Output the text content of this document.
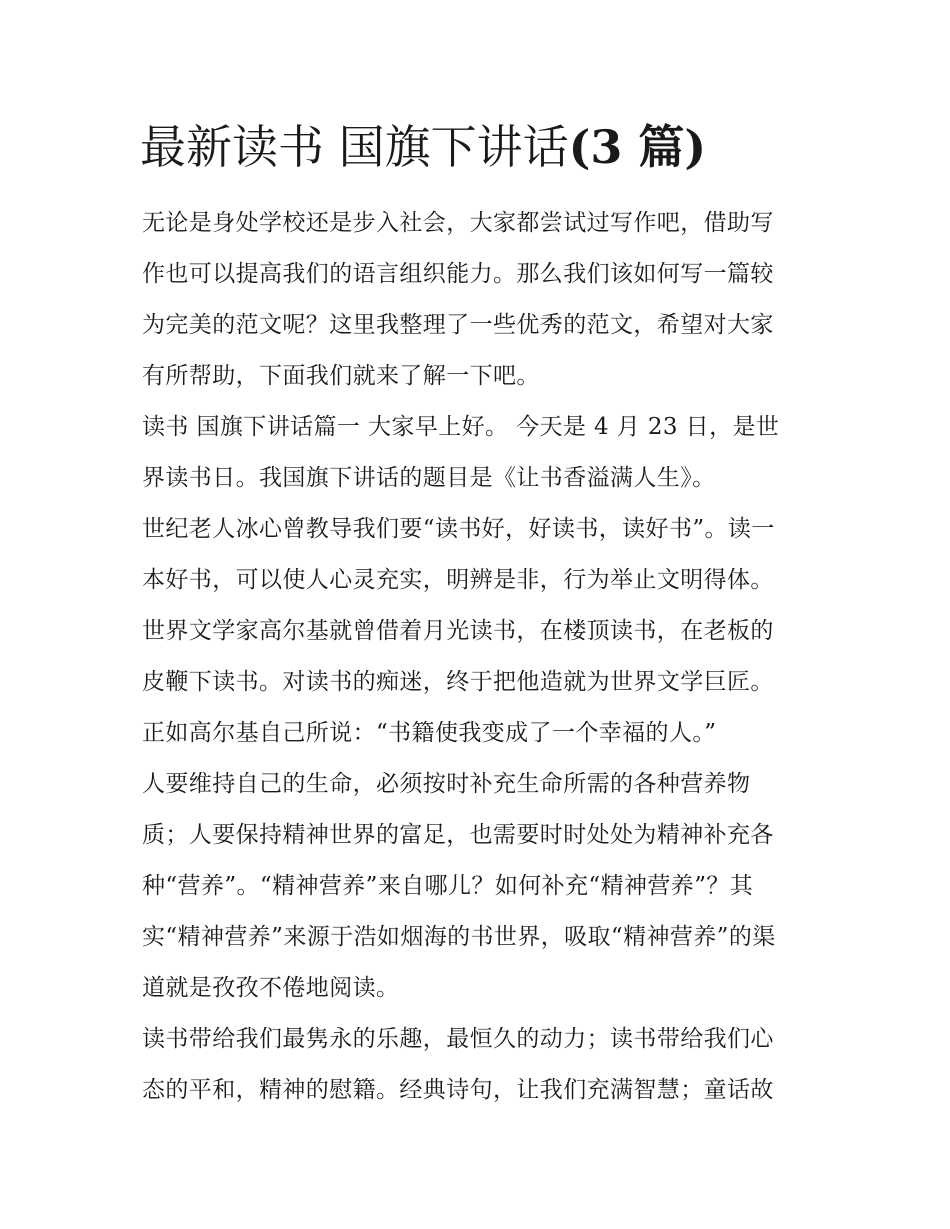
最新读书 国旗下讲话(3 篇)
无论是身处学校还是步入社会，大家都尝试过写作吧，借助写
作也可以提高我们的语言组织能力。那么我们该如何写一篇较
为完美的范文呢？这里我整理了一些优秀的范文，希望对大家
有所帮助，下面我们就来了解一下吧。
读书 国旗下讲话篇一 大家早上好。 今天是 4 月 23 日，是世
界读书日。我国旗下讲话的题目是《让书香溢满人生》。
世纪老人冰心曾教导我们要“读书好，好读书，读好书”。读一
本好书，可以使人心灵充实，明辨是非，行为举止文明得体。
世界文学家高尔基就曾借着月光读书，在楼顶读书，在老板的
皮鞭下读书。对读书的痴迷，终于把他造就为世界文学巨匠。
正如高尔基自己所说：“书籍使我变成了一个幸福的人。”
人要维持自己的生命，必须按时补充生命所需的各种营养物
质；人要保持精神世界的富足，也需要时时处处为精神补充各
种“营养”。“精神营养”来自哪儿？如何补充“精神营养”？其
实“精神营养”来源于浩如烟海的书世界，吸取“精神营养”的渠
道就是孜孜不倦地阅读。
读书带给我们最隽永的乐趣，最恒久的动力；读书带给我们心
态的平和，精神的慰籍。经典诗句，让我们充满智慧；童话故
